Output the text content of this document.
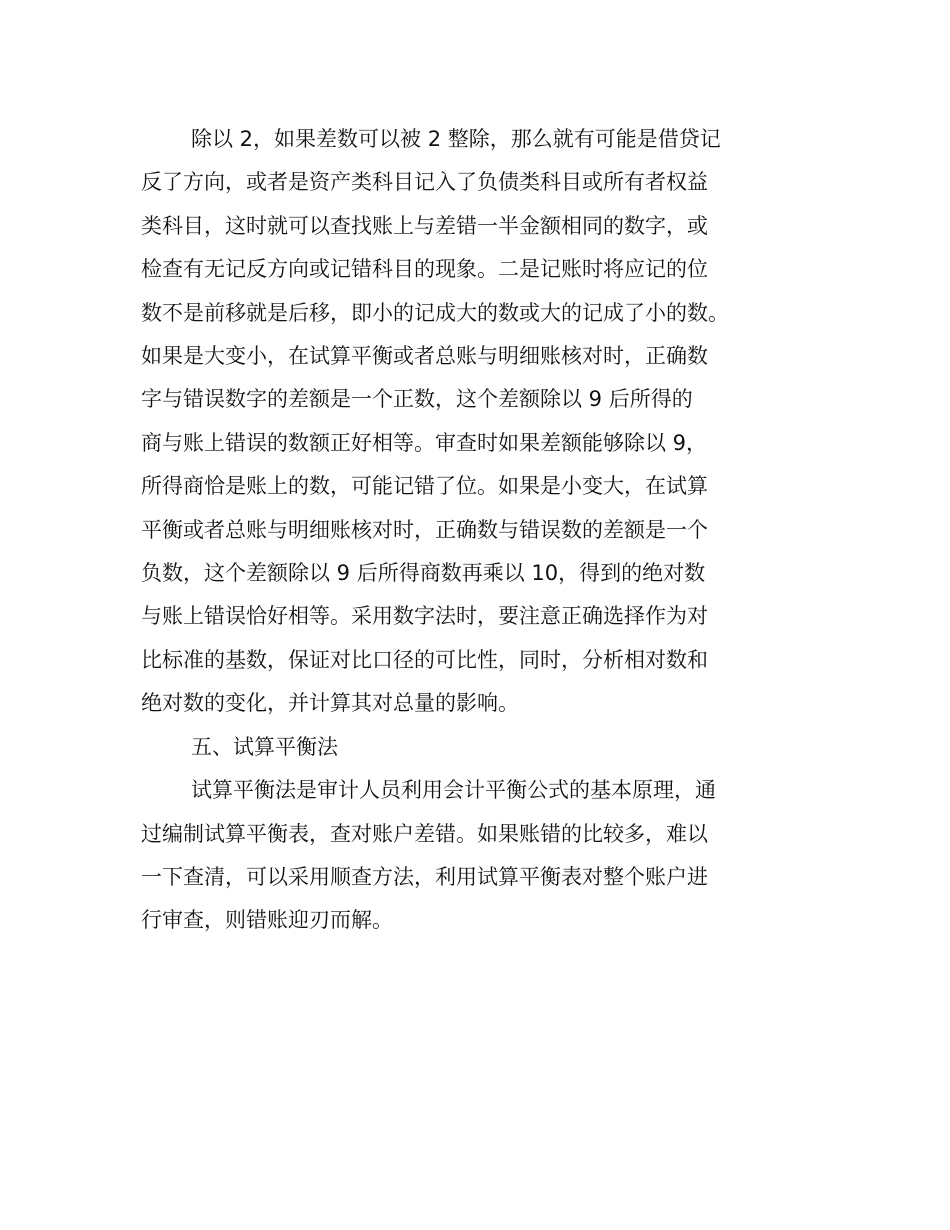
除以 2，如果差数可以被 2 整除，那么就有可能是借贷记
反了方向，或者是资产类科目记入了负债类科目或所有者权益
类科目，这时就可以查找账上与差错一半金额相同的数字，或
检查有无记反方向或记错科目的现象。二是记账时将应记的位
数不是前移就是后移，即小的记成大的数或大的记成了小的数。
如果是大变小，在试算平衡或者总账与明细账核对时，正确数
字与错误数字的差额是一个正数，这个差额除以 9 后所得的
商与账上错误的数额正好相等。审查时如果差额能够除以 9，
所得商恰是账上的数，可能记错了位。如果是小变大，在试算
平衡或者总账与明细账核对时，正确数与错误数的差额是一个
负数，这个差额除以 9 后所得商数再乘以 10，得到的绝对数
与账上错误恰好相等。采用数字法时，要注意正确选择作为对
比标准的基数，保证对比口径的可比性，同时，分析相对数和
绝对数的变化，并计算其对总量的影响。
五、试算平衡法
试算平衡法是审计人员利用会计平衡公式的基本原理，通
过编制试算平衡表，查对账户差错。如果账错的比较多，难以
一下查清，可以采用顺查方法，利用试算平衡表对整个账户进
行审查，则错账迎刃而解。
